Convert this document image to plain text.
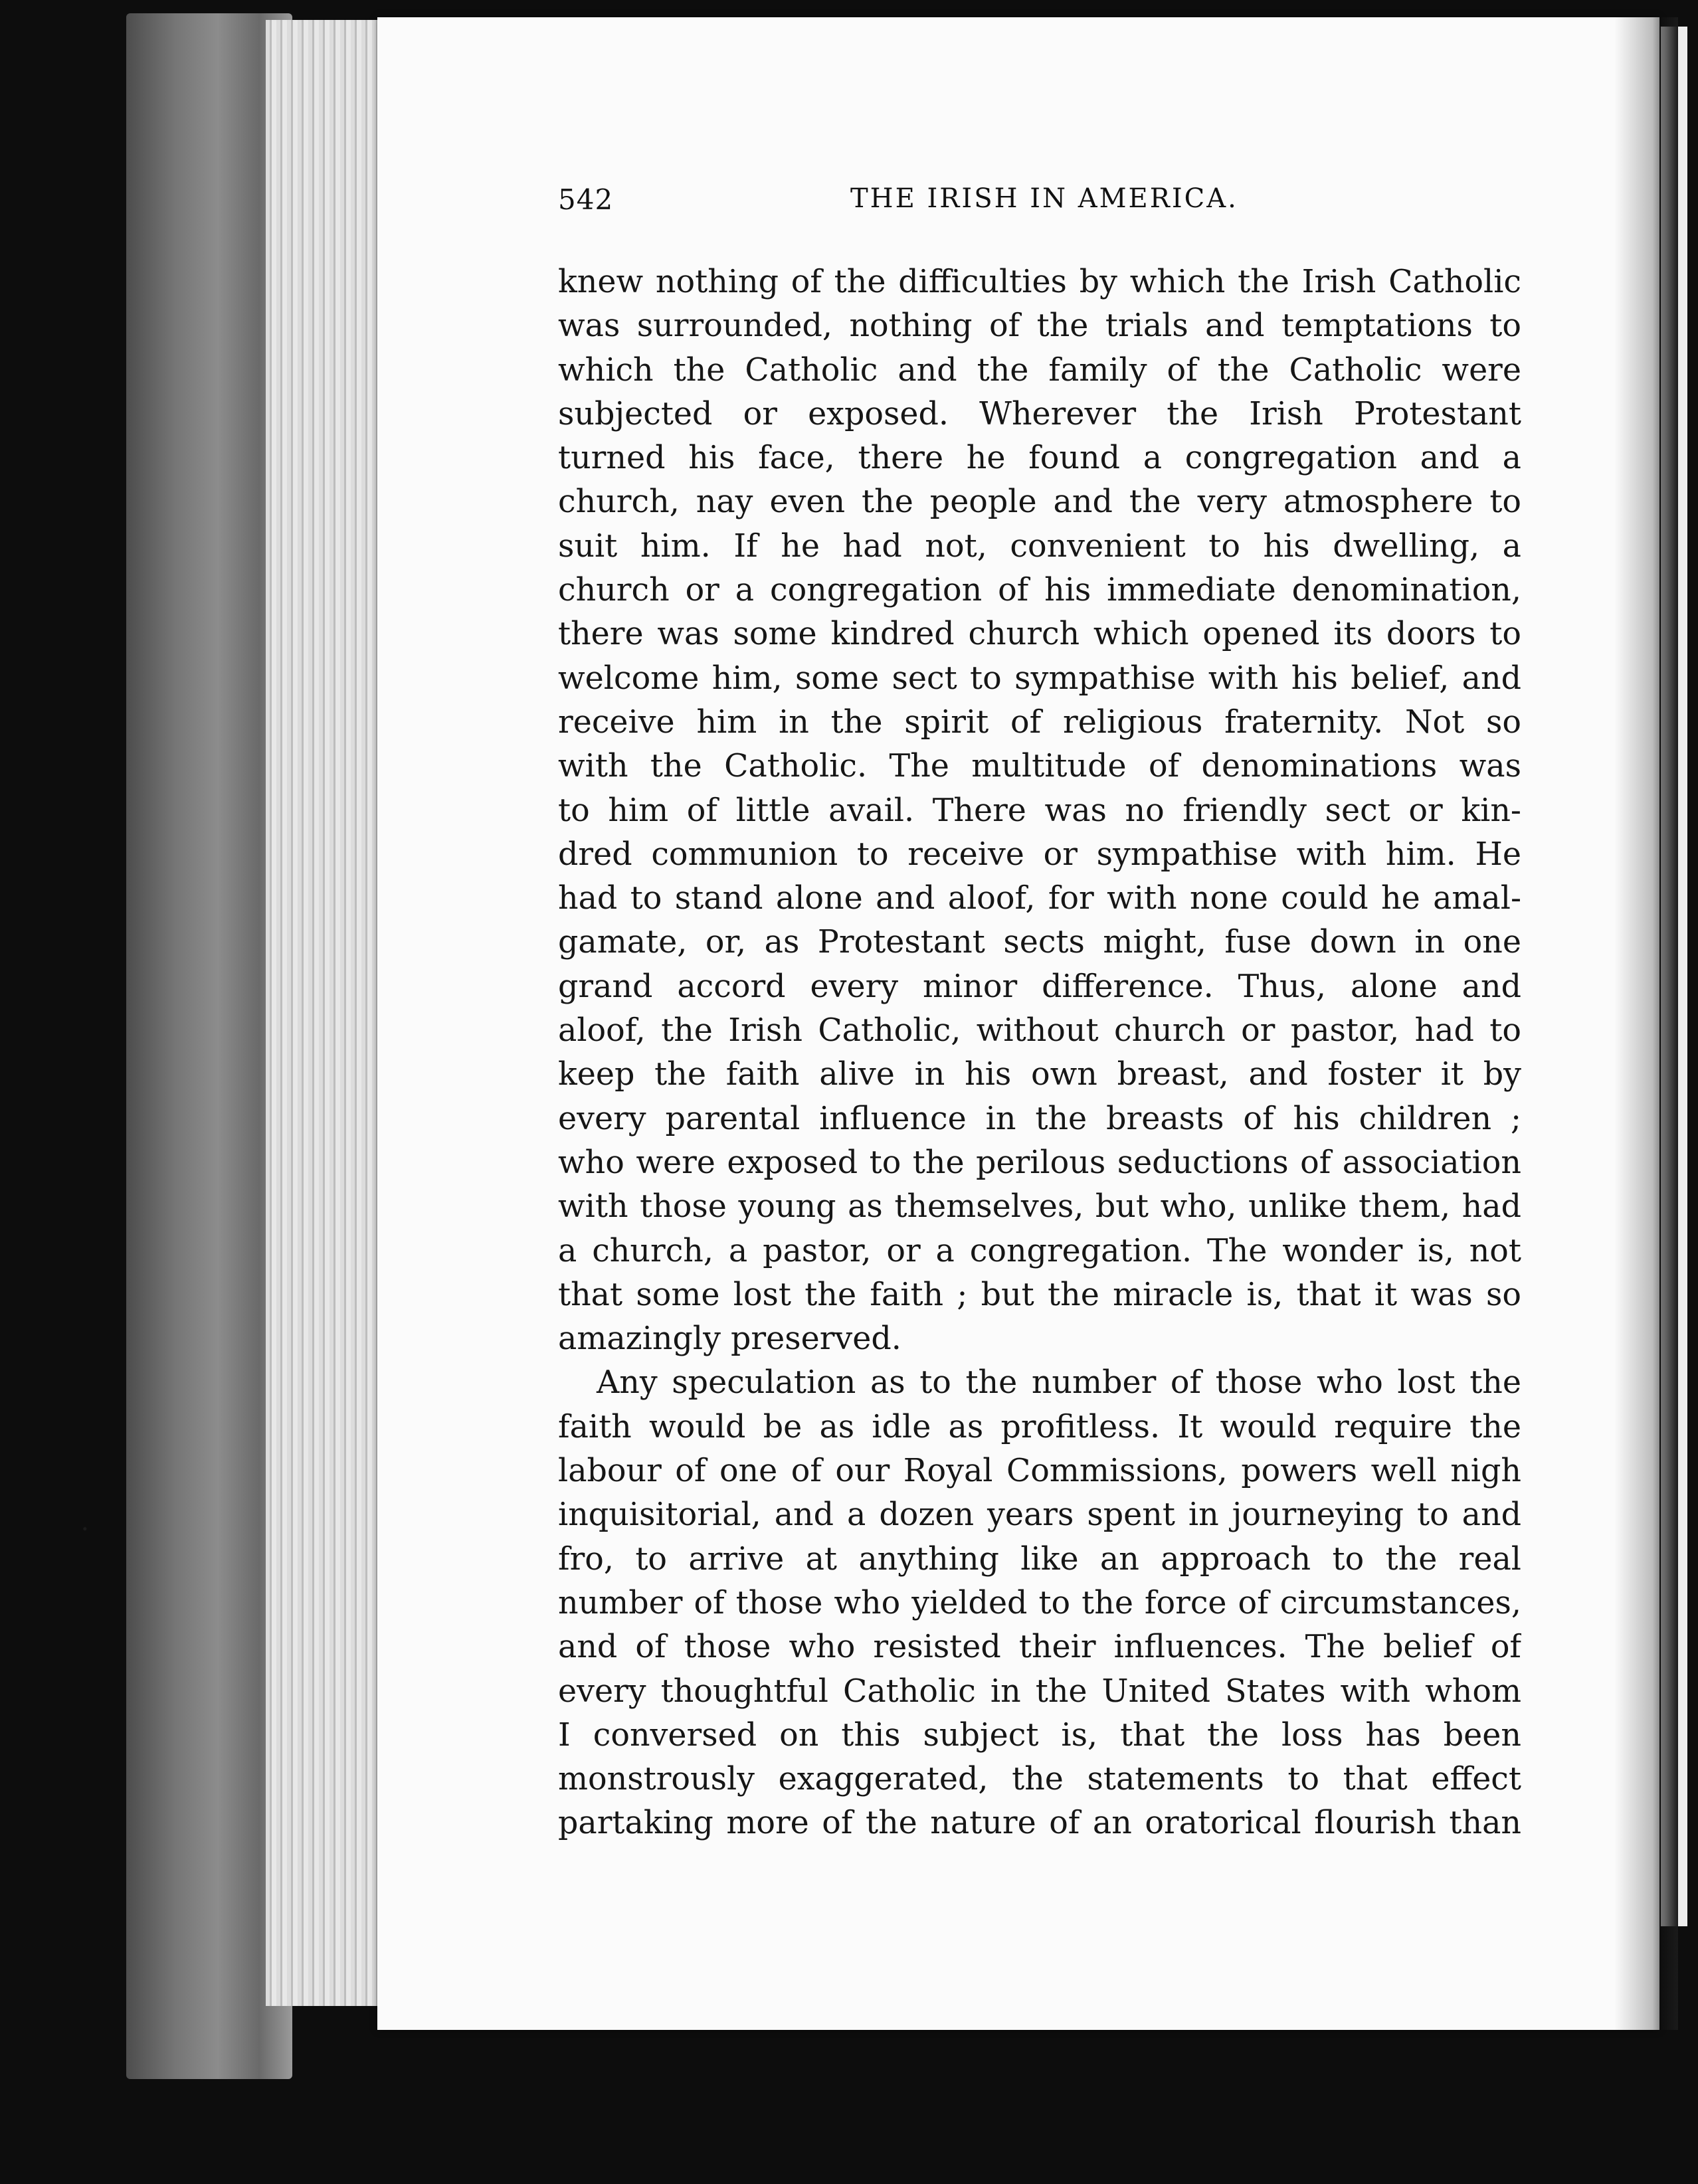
542	THE IRISH IN AMERICA.
knew nothing of the difficulties by which the Irish Catholic
was surrounded, nothing of the trials and temptations to
which the Catholic and the family of the Catholic were
subjected or exposed. Wherever the Irish Protestant
turned his face, there he found a congregation and a
church, nay even the people and the very atmosphere to
suit him. If he had not, convenient to his dwelling, a
church or a congregation of his immediate denomination,
there was some kindred church which opened its doors to
welcome him, some sect to sympathise with his belief, and
receive him in the spirit of religious fraternity. Not so
with the Catholic. The multitude of denominations was
to him of little avail. There was no friendly sect or kin-
dred communion to receive or sympathise with him. He
had to stand alone and aloof, for with none could he amal-
gamate, or, as Protestant sects might, fuse down in one
grand accord every minor difference. Thus, alone and
aloof, the Irish Catholic, without church or pastor, had to
keep the faith alive in his own breast, and foster it by
every parental influence in the breasts of his children ;
who were exposed to the perilous seductions of association
with those young as themselves, but who, unlike them, had
a church, a pastor, or a congregation. The wonder is, not
that some lost the faith ; but the miracle is, that it was so
amazingly preserved.
Any speculation as to the number of those who lost the
faith would be as idle as profitless. It would require the
labour of one of our Royal Commissions, powers well nigh
inquisitorial, and a dozen years spent in journeying to and
fro, to arrive at anything like an approach to the real
number of those who yielded to the force of circumstances,
and of those who resisted their influences. The belief of
every thoughtful Catholic in the United States with whom
I conversed on this subject is, that the loss has been
monstrously exaggerated, the statements to that effect
partaking more of the nature of an oratorical flourish than
